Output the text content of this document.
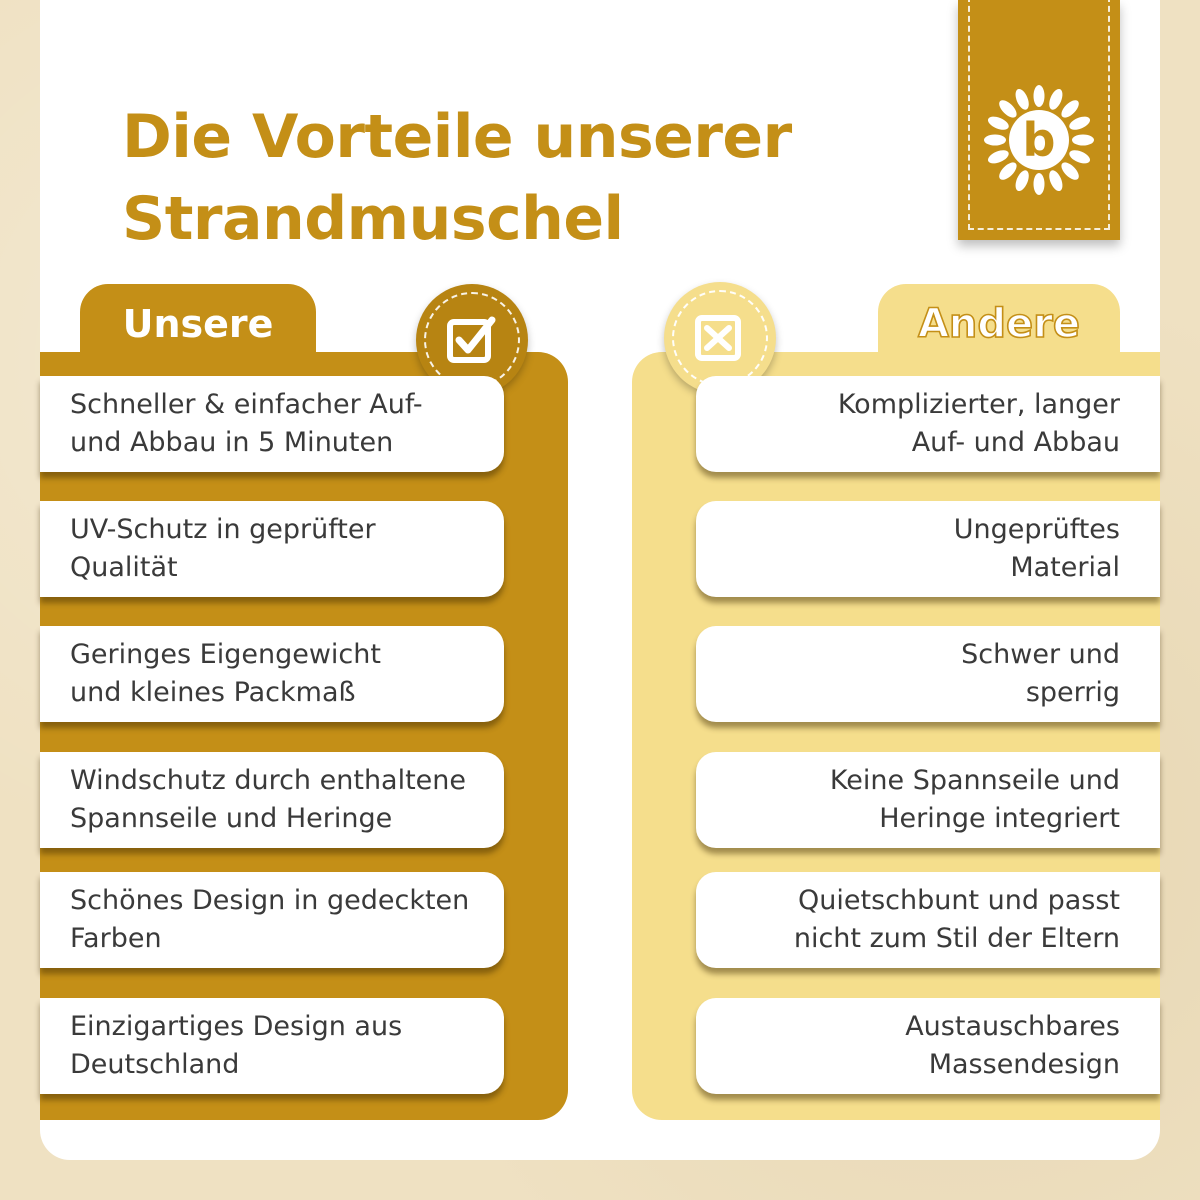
Die Vorteile unserer
Strandmuschel
b
Unsere
Schneller & einfacher Auf-
und Abbau in 5 Minuten
UV-Schutz in geprüfter
Qualität
Geringes Eigengewicht
und kleines Packmaß
Windschutz durch enthaltene
Spannseile und Heringe
Schönes Design in gedeckten
Farben
Einzigartiges Design aus
Deutschland
Andere
Komplizierter, langer
Auf- und Abbau
Ungeprüftes
Material
Schwer und
sperrig
Keine Spannseile und
Heringe integriert
Quietschbunt und passt
nicht zum Stil der Eltern
Austauschbares
Massendesign
